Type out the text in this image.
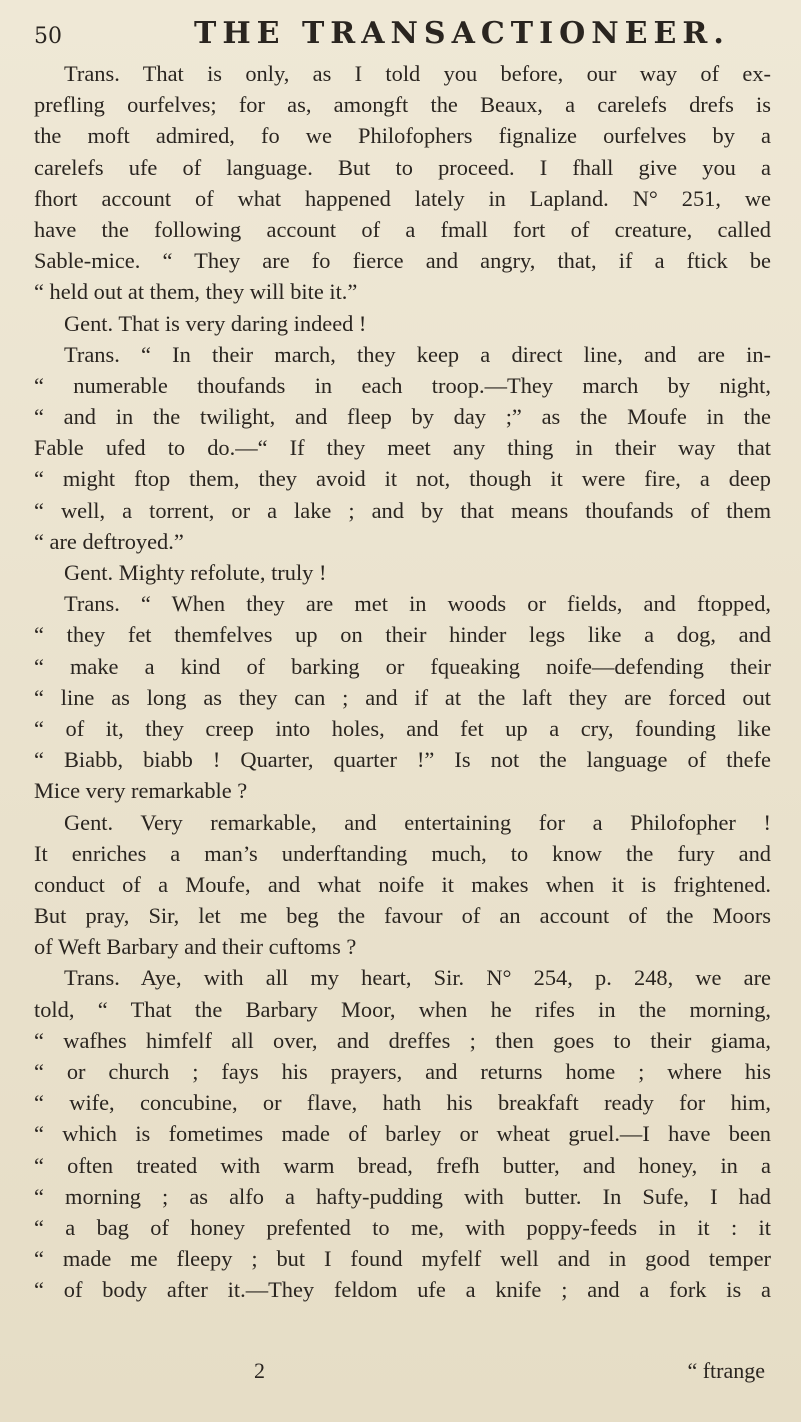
50	THE TRANSACTIONEER.
Trans. That is only, as I told you before, our way of ex-
prefling ourfelves; for as, amongft the Beaux, a carelefs drefs is
the moft admired, fo we Philofophers fignalize ourfelves by a
carelefs ufe of language. But to proceed. I fhall give you a
fhort account of what happened lately in Lapland. N° 251, we
have the following account of a fmall fort of creature, called
Sable-mice. “ They are fo fierce and angry, that, if a ftick be
“ held out at them, they will bite it.”
Gent. That is very daring indeed !
Trans. “ In their march, they keep a direct line, and are in-
“ numerable thoufands in each troop.—They march by night,
“ and in the twilight, and fleep by day ;” as the Moufe in the
Fable ufed to do.—“ If they meet any thing in their way that
“ might ftop them, they avoid it not, though it were fire, a deep
“ well, a torrent, or a lake ; and by that means thoufands of them
“ are deftroyed.”
Gent. Mighty refolute, truly !
Trans. “ When they are met in woods or fields, and ftopped,
“ they fet themfelves up on their hinder legs like a dog, and
“ make a kind of barking or fqueaking noife—defending their
“ line as long as they can ; and if at the laft they are forced out
“ of it, they creep into holes, and fet up a cry, founding like
“ Biabb, biabb ! Quarter, quarter !” Is not the language of thefe
Mice very remarkable ?
Gent. Very remarkable, and entertaining for a Philofopher !
It enriches a man’s underftanding much, to know the fury and
conduct of a Moufe, and what noife it makes when it is frightened.
But pray, Sir, let me beg the favour of an account of the Moors
of Weft Barbary and their cuftoms ?
Trans. Aye, with all my heart, Sir. N° 254, p. 248, we are
told, “ That the Barbary Moor, when he rifes in the morning,
“ wafhes himfelf all over, and dreffes ; then goes to their giama,
“ or church ; fays his prayers, and returns home ; where his
“ wife, concubine, or flave, hath his breakfaft ready for him,
“ which is fometimes made of barley or wheat gruel.—I have been
“ often treated with warm bread, frefh butter, and honey, in a
“ morning ; as alfo a hafty-pudding with butter. In Sufe, I had
“ a bag of honey prefented to me, with poppy-feeds in it : it
“ made me fleepy ; but I found myfelf well and in good temper
“ of body after it.—They feldom ufe a knife ; and a fork is a
2	“ ftrange
